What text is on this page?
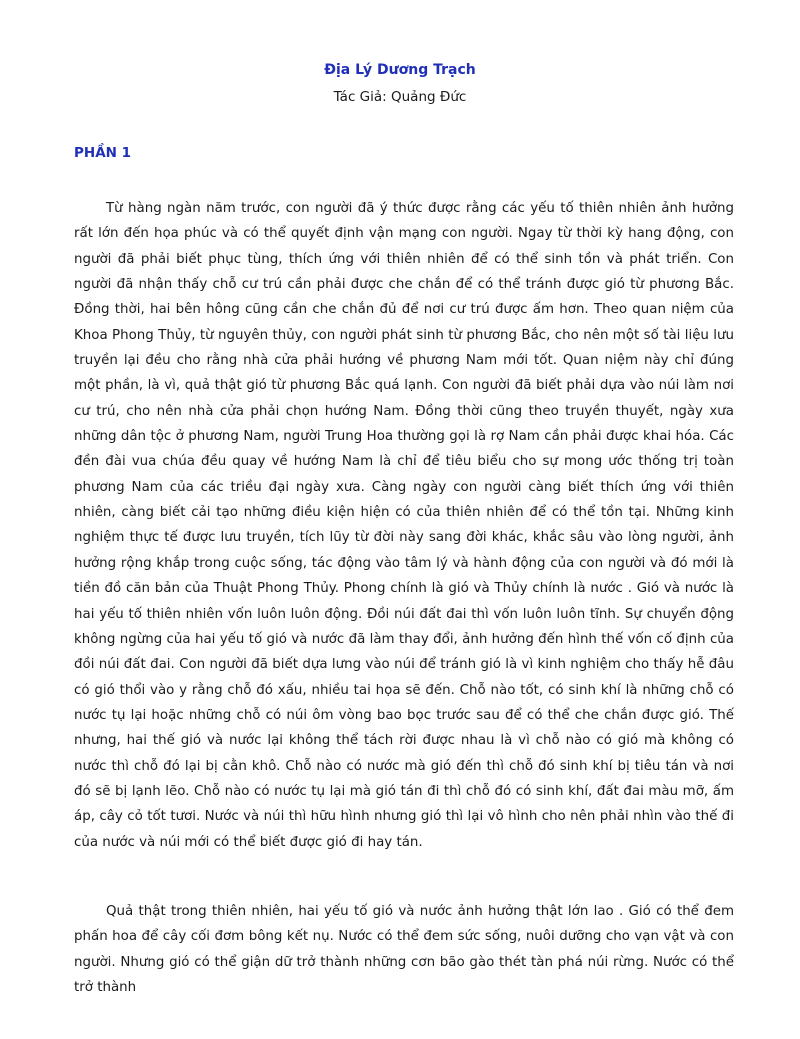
Địa Lý Dương Trạch
Tác Giả: Quảng Đức
PHẦN 1

Từ hàng ngàn năm trước, con người đã ý thức được rằng các yếu tố thiên nhiên ảnh hưởng rất lớn đến họa phúc và có thể quyết định vận mạng con người. Ngay từ thời kỳ hang động, con người đã phải biết phục tùng, thích ứng với thiên nhiên để có thể sinh tồn và phát triển. Con người đã nhận thấy chỗ cư trú cần phải được che chắn để có thể tránh được gió từ phương Bắc. Đồng thời, hai bên hông cũng cần che chắn đủ để nơi cư trú được ấm hơn. Theo quan niệm của Khoa Phong Thủy, từ nguyên thủy, con người phát sinh từ phương Bắc, cho nên một số tài liệu lưu truyền lại đều cho rằng nhà cửa phải hướng về phương Nam mới tốt. Quan niệm này chỉ đúng một phần, là vì, quả thật gió từ phương Bắc quá lạnh. Con người đã biết phải dựa vào núi làm nơi cư trú, cho nên nhà cửa phải chọn hướng Nam. Đồng thời cũng theo truyền thuyết, ngày xưa những dân tộc ở phương Nam, người Trung Hoa thường gọi là rợ Nam cần phải được khai hóa. Các đền đài vua chúa đều quay về hướng Nam là chỉ để tiêu biểu cho sự mong ước thống trị toàn phương Nam của các triều đại ngày xưa. Càng ngày con người càng biết thích ứng với thiên nhiên, càng biết cải tạo những điều kiện hiện có của thiên nhiên để có thể tồn tại. Những kinh nghiệm thực tế được lưu truyền, tích lũy từ đời này sang đời khác, khắc sâu vào lòng người, ảnh hưởng rộng khắp trong cuộc sống, tác động vào tâm lý và hành động của con người và đó mới là tiền đồ căn bản của Thuật Phong Thủy. Phong chính là gió và Thủy chính là nước . Gió và nước là hai yếu tố thiên nhiên vốn luôn luôn động. Đồi núi đất đai thì vốn luôn luôn tĩnh. Sự chuyển động không ngừng của hai yếu tố gió và nước đã làm thay đổi, ảnh hưởng đến hình thế vốn cố định của đồi núi đất đai. Con người đã biết dựa lưng vào núi để tránh gió là vì kinh nghiệm cho thấy hễ đâu có gió thổi vào y rằng chỗ đó xấu, nhiều tai họa sẽ đến. Chỗ nào tốt, có sinh khí là những chỗ có nước tụ lại hoặc những chỗ có núi ôm vòng bao bọc trước sau để có thể che chắn được gió. Thế nhưng, hai thế gió và nước lại không thể tách rời được nhau là vì chỗ nào có gió mà không có nước thì chỗ đó lại bị cằn khô. Chỗ nào có nước mà gió đến thì chỗ đó sinh khí bị tiêu tán và nơi đó sẽ bị lạnh lẽo. Chỗ nào có nước tụ lại mà gió tán đi thì chỗ đó có sinh khí, đất đai màu mỡ, ấm áp, cây cỏ tốt tươi. Nước và núi thì hữu hình nhưng gió thì lại vô hình cho nên phải nhìn vào thế đi của nước và núi mới có thể biết được gió đi hay tán.

Quả thật trong thiên nhiên, hai yếu tố gió và nước ảnh hưởng thật lớn lao . Gió có thể đem phấn hoa để cây cối đơm bông kết nụ. Nước có thể đem sức sống, nuôi dưỡng cho vạn vật và con người. Nhưng gió có thể giận dữ trở thành những cơn bão gào thét tàn phá núi rừng. Nước có thể trở thành
